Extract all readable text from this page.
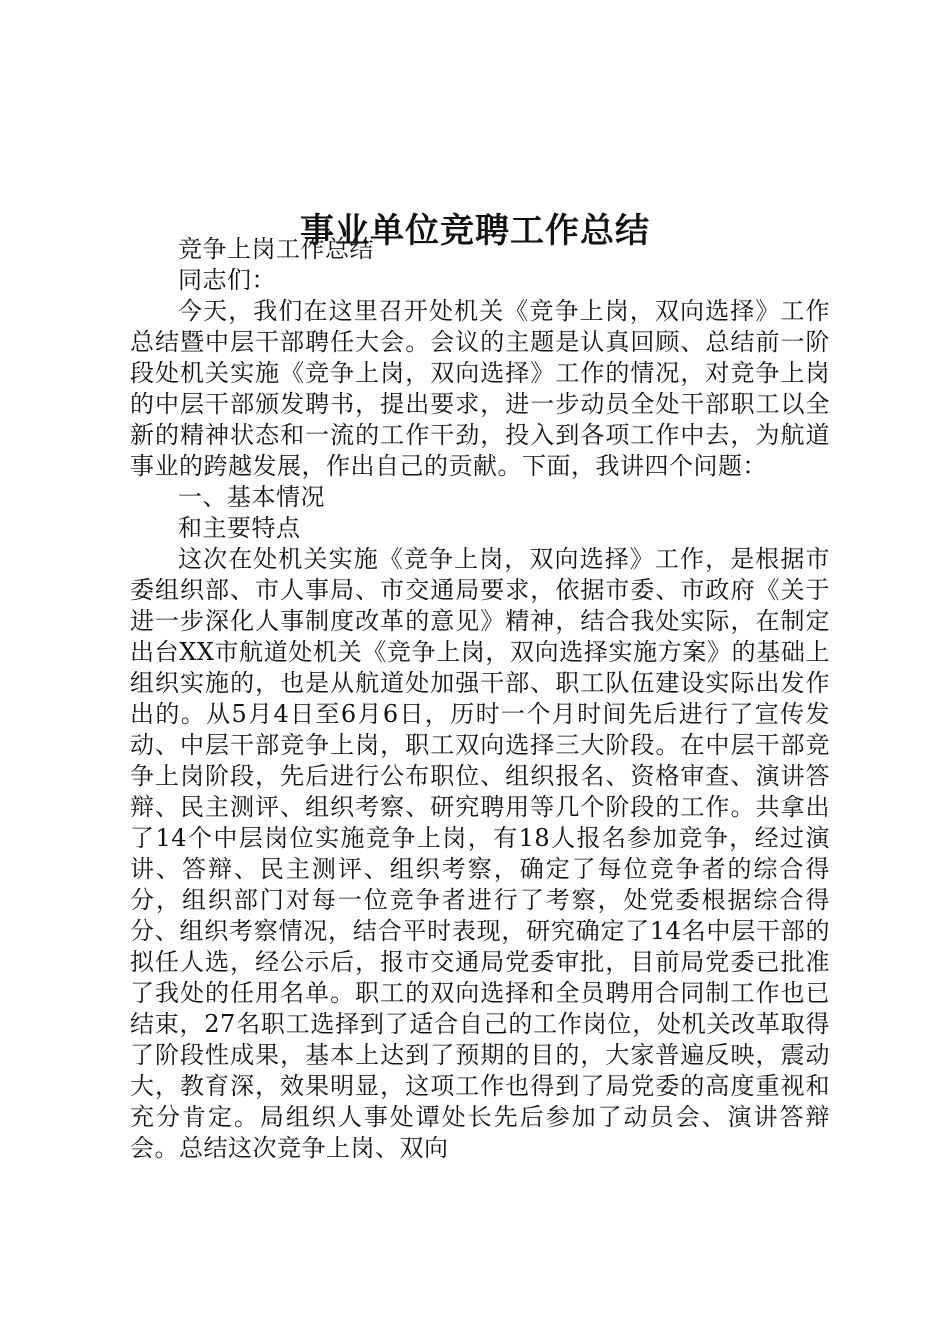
事业单位竞聘工作总结

竞争上岗工作总结

同志们：

今天，我们在这里召开处机关《竞争上岗，双向选择》工作总结暨中层干部聘任大会。会议的主题是认真回顾、总结前一阶段处机关实施《竞争上岗，双向选择》工作的情况，对竞争上岗的中层干部颁发聘书，提出要求，进一步动员全处干部职工以全新的精神状态和一流的工作干劲，投入到各项工作中去，为航道事业的跨越发展，作出自己的贡献。下面，我讲四个问题：

一、基本情况

和主要特点

这次在处机关实施《竞争上岗，双向选择》工作，是根据市委组织部、市人事局、市交通局要求，依据市委、市政府《关于进一步深化人事制度改革的意见》精神，结合我处实际，在制定出台XX市航道处机关《竞争上岗，双向选择实施方案》的基础上组织实施的，也是从航道处加强干部、职工队伍建设实际出发作出的。从5月4日至6月6日，历时一个月时间先后进行了宣传发动、中层干部竞争上岗，职工双向选择三大阶段。在中层干部竞争上岗阶段，先后进行公布职位、组织报名、资格审查、演讲答辩、民主测评、组织考察、研究聘用等几个阶段的工作。共拿出了14个中层岗位实施竞争上岗，有18人报名参加竞争，经过演讲、答辩、民主测评、组织考察，确定了每位竞争者的综合得分，组织部门对每一位竞争者进行了考察，处党委根据综合得分、组织考察情况，结合平时表现，研究确定了14名中层干部的拟任人选，经公示后，报市交通局党委审批，目前局党委已批准了我处的任用名单。职工的双向选择和全员聘用合同制工作也已结束，27名职工选择到了适合自己的工作岗位，处机关改革取得了阶段性成果，基本上达到了预期的目的，大家普遍反映，震动大，教育深，效果明显，这项工作也得到了局党委的高度重视和充分肯定。局组织人事处谭处长先后参加了动员会、演讲答辩会。总结这次竞争上岗、双向
